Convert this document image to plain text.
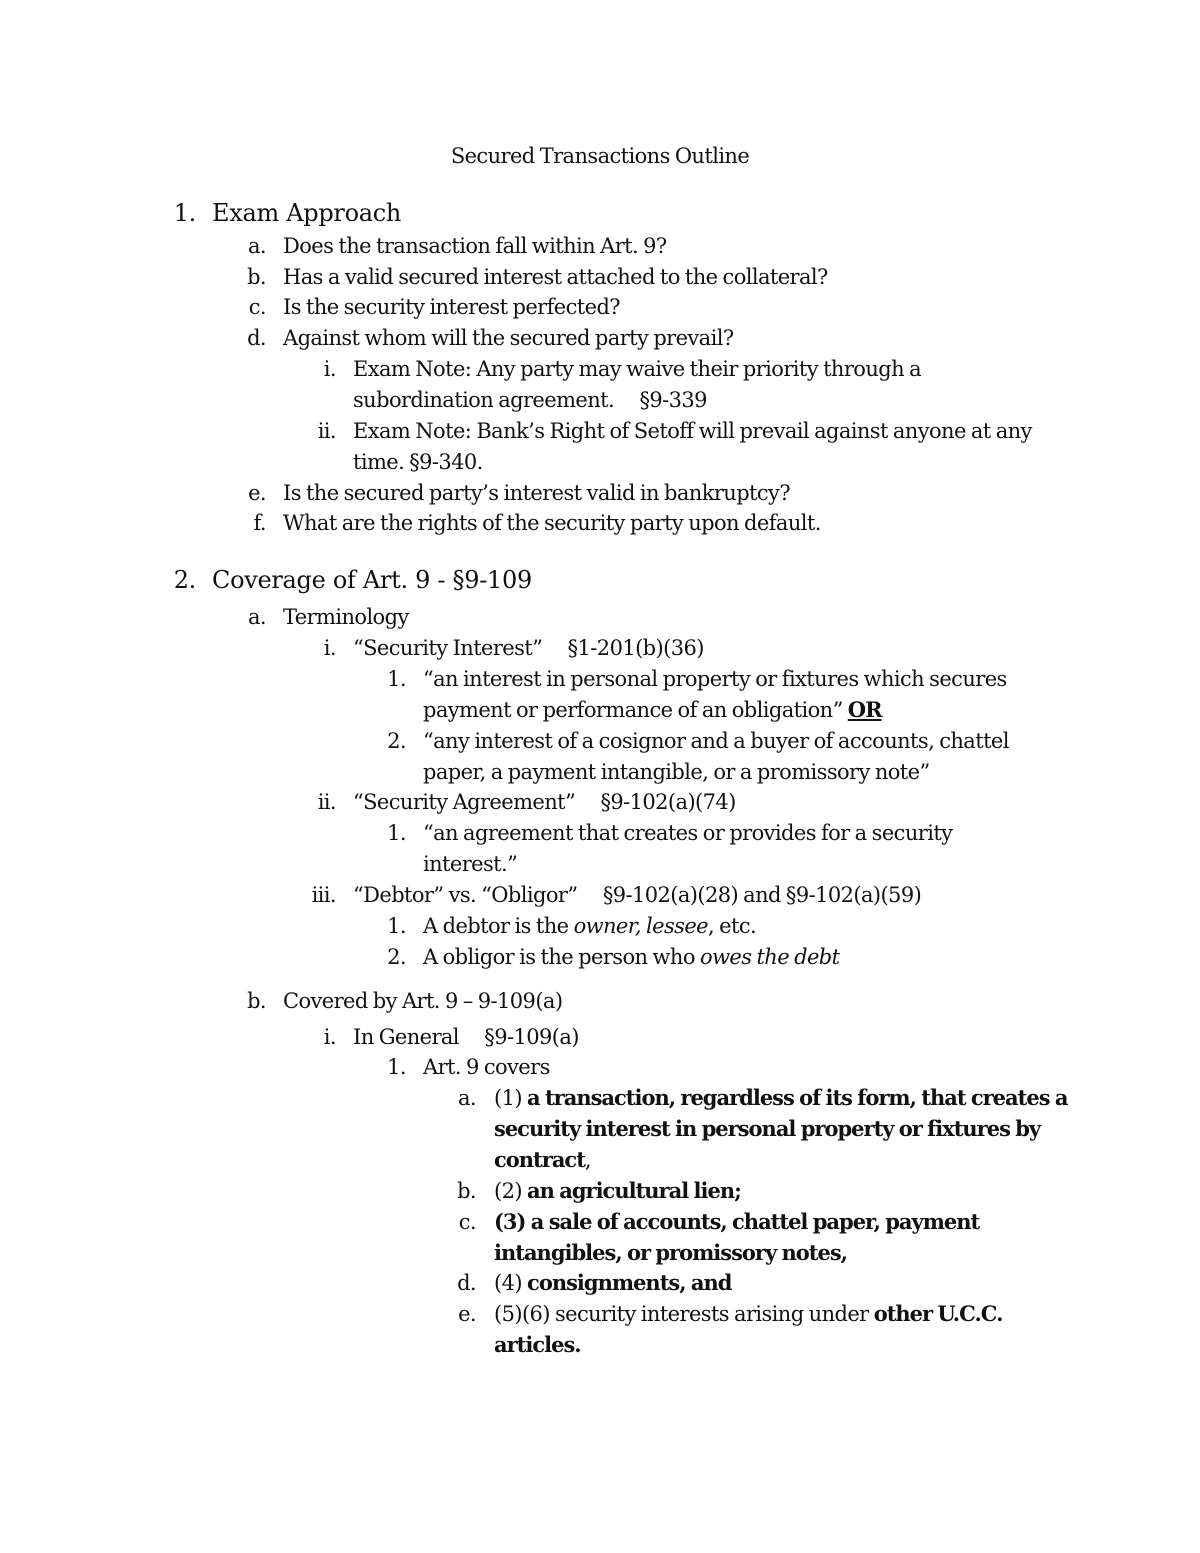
Secured Transactions Outline
1. Exam Approach
a. Does the transaction fall within Art. 9?
b. Has a valid secured interest attached to the collateral?
c. Is the security interest perfected?
d. Against whom will the secured party prevail?
i. Exam Note: Any party may waive their priority through a
subordination agreement.     §9-339
ii. Exam Note: Bank’s Right of Setoff will prevail against anyone at any
time. §9-340.
e. Is the secured party’s interest valid in bankruptcy?
f. What are the rights of the security party upon default.
2. Coverage of Art. 9 - §9-109
a. Terminology
i. “Security Interest”     §1-201(b)(36)
1. “an interest in personal property or fixtures which secures
payment or performance of an obligation” OR
2. “any interest of a cosignor and a buyer of accounts, chattel
paper, a payment intangible, or a promissory note”
ii. “Security Agreement”     §9-102(a)(74)
1. “an agreement that creates or provides for a security
interest.”
iii. “Debtor” vs. “Obligor”     §9-102(a)(28) and §9-102(a)(59)
1. A debtor is the owner, lessee, etc.
2. A obligor is the person who owes the debt
b. Covered by Art. 9 – 9-109(a)
i. In General     §9-109(a)
1. Art. 9 covers
a. (1) a transaction, regardless of its form, that creates a
security interest in personal property or fixtures by
contract,
b. (2) an agricultural lien;
c. (3) a sale of accounts, chattel paper, payment
intangibles, or promissory notes,
d. (4) consignments, and
e. (5)(6) security interests arising under other U.C.C.
articles.
